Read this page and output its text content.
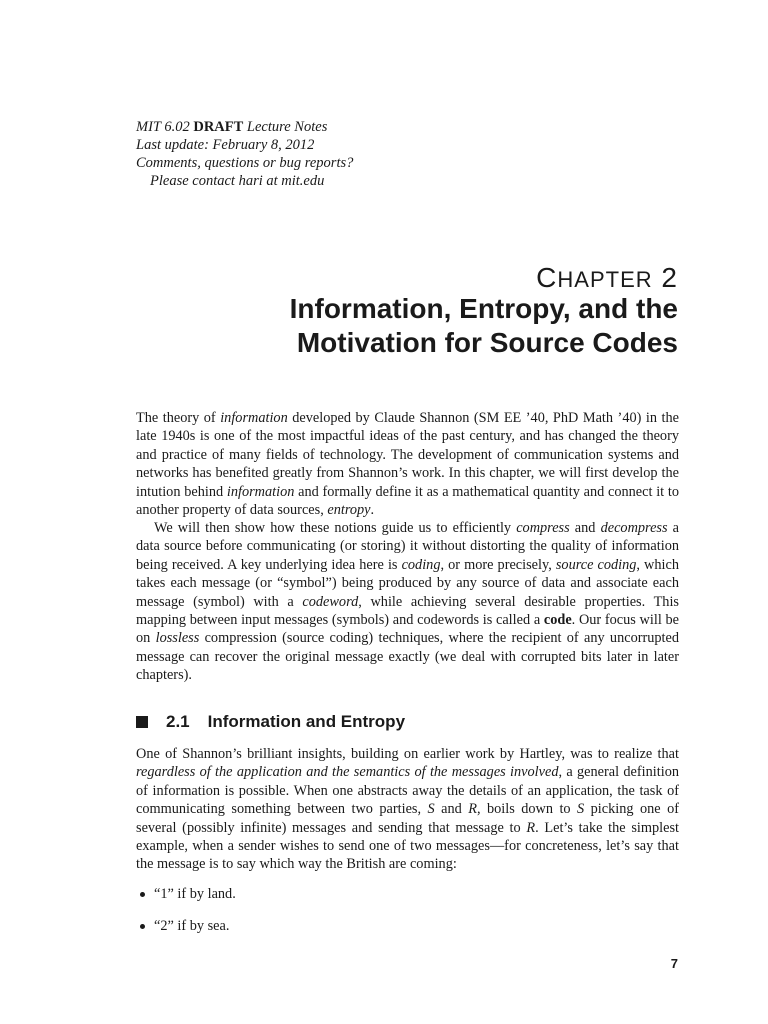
MIT 6.02 DRAFT Lecture Notes
Last update: February 8, 2012
Comments, questions or bug reports?
Please contact hari at mit.edu
CHAPTER 2
Information, Entropy, and the
Motivation for Source Codes
The theory of information developed by Claude Shannon (SM EE ’40, PhD Math ’40) in the late 1940s is one of the most impactful ideas of the past century, and has changed the theory and practice of many fields of technology. The development of communication systems and networks has benefited greatly from Shannon’s work. In this chapter, we will first develop the intution behind information and formally define it as a mathematical quantity and connect it to another property of data sources, entropy.
We will then show how these notions guide us to efficiently compress and decompress a data source before communicating (or storing) it without distorting the quality of information being received. A key underlying idea here is coding, or more precisely, source coding, which takes each message (or “symbol”) being produced by any source of data and associate each message (symbol) with a codeword, while achieving several desirable properties. This mapping between input messages (symbols) and codewords is called a code. Our focus will be on lossless compression (source coding) techniques, where the recipient of any uncorrupted message can recover the original message exactly (we deal with corrupted bits later in later chapters).
2.1 Information and Entropy
One of Shannon’s brilliant insights, building on earlier work by Hartley, was to realize that regardless of the application and the semantics of the messages involved, a general definition of information is possible. When one abstracts away the details of an application, the task of communicating something between two parties, S and R, boils down to S picking one of several (possibly infinite) messages and sending that message to R. Let’s take the simplest example, when a sender wishes to send one of two messages—for concreteness, let’s say that the message is to say which way the British are coming:
“1” if by land.
“2” if by sea.
7
